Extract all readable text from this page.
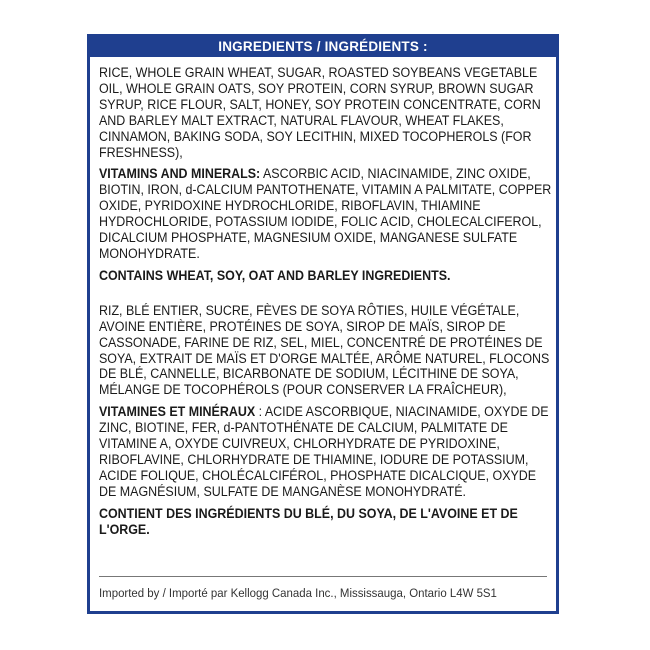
INGREDIENTS / INGRÉDIENTS :

RICE, WHOLE GRAIN WHEAT, SUGAR, ROASTED SOYBEANS VEGETABLE OIL, WHOLE GRAIN OATS, SOY PROTEIN, CORN SYRUP, BROWN SUGAR SYRUP, RICE FLOUR, SALT, HONEY, SOY PROTEIN CONCENTRATE, CORN AND BARLEY MALT EXTRACT, NATURAL FLAVOUR, WHEAT FLAKES, CINNAMON, BAKING SODA, SOY LECITHIN, MIXED TOCOPHEROLS (FOR FRESHNESS),

VITAMINS AND MINERALS: ASCORBIC ACID, NIACINAMIDE, ZINC OXIDE, BIOTIN, IRON, d-CALCIUM PANTOTHENATE, VITAMIN A PALMITATE, COPPER OXIDE, PYRIDOXINE HYDROCHLORIDE, RIBOFLAVIN, THIAMINE HYDROCHLORIDE, POTASSIUM IODIDE, FOLIC ACID, CHOLECALCIFEROL, DICALCIUM PHOSPHATE, MAGNESIUM OXIDE, MANGANESE SULFATE MONOHYDRATE.

CONTAINS WHEAT, SOY, OAT AND BARLEY INGREDIENTS.

RIZ, BLÉ ENTIER, SUCRE, FÈVES DE SOYA RÔTIES, HUILE VÉGÉTALE, AVOINE ENTIÈRE, PROTÉINES DE SOYA, SIROP DE MAÏS, SIROP DE CASSONADE, FARINE DE RIZ, SEL, MIEL, CONCENTRÉ DE PROTÉINES DE SOYA, EXTRAIT DE MAÏS ET D'ORGE MALTÉE, ARÔME NATUREL, FLOCONS DE BLÉ, CANNELLE, BICARBONATE DE SODIUM, LÉCITHINE DE SOYA, MÉLANGE DE TOCOPHÉROLS (POUR CONSERVER LA FRAÎCHEUR),

VITAMINES ET MINÉRAUX : ACIDE ASCORBIQUE, NIACINAMIDE, OXYDE DE ZINC, BIOTINE, FER, d-PANTOTHÉNATE DE CALCIUM, PALMITATE DE VITAMINE A, OXYDE CUIVREUX, CHLORHYDRATE DE PYRIDOXINE, RIBOFLAVINE, CHLORHYDRATE DE THIAMINE, IODURE DE POTASSIUM, ACIDE FOLIQUE, CHOLÉCALCIFÉROL, PHOSPHATE DICALCIQUE, OXYDE DE MAGNÉSIUM, SULFATE DE MANGANÈSE MONOHYDRATÉ.

CONTIENT DES INGRÉDIENTS DU BLÉ, DU SOYA, DE L'AVOINE ET DE L'ORGE.

Imported by / Importé par Kellogg Canada Inc., Mississauga, Ontario L4W 5S1
